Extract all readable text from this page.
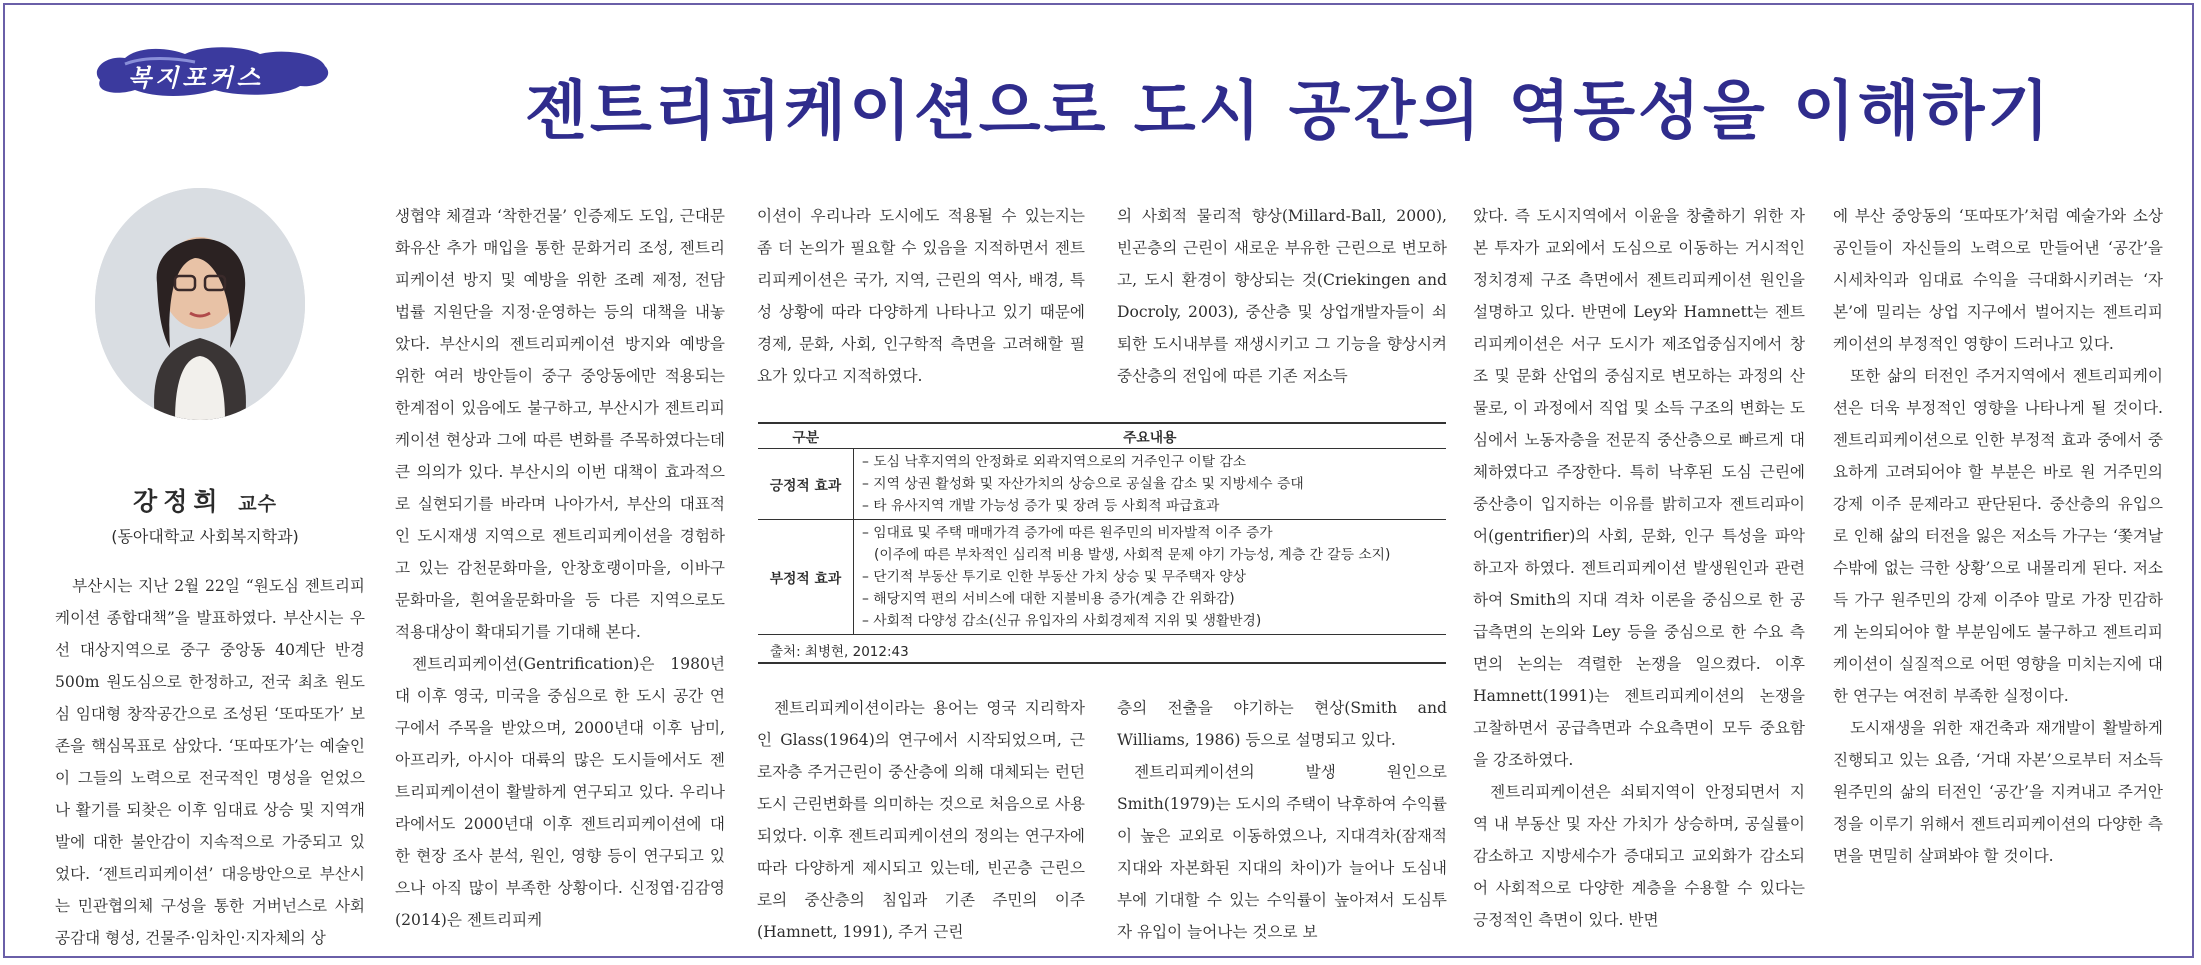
복지포커스	젠트리피케이션으로 도시 공간의 역동성을 이해하기
강정희 교수
(동아대학교 사회복지학과)

부산시는 지난 2월 22일 “원도심 젠트리피케이션 종합대책”을 발표하였다. 부산시는 우선 대상지역으로 중구 중앙동 40계단 반경 500m 원도심으로 한정하고, 전국 최초 원도심 임대형 창작공간으로 조성된 ‘또따또가’ 보존을 핵심목표로 삼았다. ‘또따또가’는 예술인이 그들의 노력으로 전국적인 명성을 얻었으나 활기를 되찾은 이후 임대료 상승 및 지역개발에 대한 불안감이 지속적으로 가중되고 있었다. ‘젠트리피케이션’ 대응방안으로 부산시는 민관협의체 구성을 통한 거버넌스로 사회공감대 형성, 건물주·임차인·지자체의 상

생협약 체결과 ‘착한건물’ 인증제도 도입, 근대문화유산 추가 매입을 통한 문화거리 조성, 젠트리피케이션 방지 및 예방을 위한 조례 제정, 전담 법률 지원단을 지정·운영하는 등의 대책을 내놓았다. 부산시의 젠트리피케이션 방지와 예방을 위한 여러 방안들이 중구 중앙동에만 적용되는 한계점이 있음에도 불구하고, 부산시가 젠트리피케이션 현상과 그에 따른 변화를 주목하였다는데 큰 의의가 있다. 부산시의 이번 대책이 효과적으로 실현되기를 바라며 나아가서, 부산의 대표적인 도시재생 지역으로 젠트리피케이션을 경험하고 있는 감천문화마을, 안창호랭이마을, 이바구문화마을, 흰여울문화마을 등 다른 지역으로도 적용대상이 확대되기를 기대해 본다.

젠트리피케이션(Gentrification)은 1980년대 이후 영국, 미국을 중심으로 한 도시 공간 연구에서 주목을 받았으며, 2000년대 이후 남미, 아프리카, 아시아 대륙의 많은 도시들에서도 젠트리피케이션이 활발하게 연구되고 있다. 우리나라에서도 2000년대 이후 젠트리피케이션에 대한 현장 조사 분석, 원인, 영향 등이 연구되고 있으나 아직 많이 부족한 상황이다. 신정엽·김감영(2014)은 젠트리피케

이션이 우리나라 도시에도 적용될 수 있는지는 좀 더 논의가 필요할 수 있음을 지적하면서 젠트리피케이션은 국가, 지역, 근린의 역사, 배경, 특성 상황에 따라 다양하게 나타나고 있기 때문에 경제, 문화, 사회, 인구학적 측면을 고려해할 필요가 있다고 지적하였다.

구분	주요내용
긍정적 효과	– 도심 낙후지역의 안정화로 외곽지역으로의 거주인구 이탈 감소
– 지역 상권 활성화 및 자산가치의 상승으로 공실율 감소 및 지방세수 증대
– 타 유사지역 개발 가능성 증가 및 장려 등 사회적 파급효과

부정적 효과	– 임대료 및 주택 매매가격 증가에 따른 원주민의 비자발적 이주 증가
(이주에 따른 부차적인 심리적 비용 발생, 사회적 문제 야기 가능성, 계층 간 갈등 소지)
– 단기적 부동산 투기로 인한 부동산 가치 상승 및 무주택자 양상
– 해당지역 편의 서비스에 대한 지불비용 증가(계층 간 위화감)
– 사회적 다양성 감소(신규 유입자의 사회경제적 지위 및 생활반경)
출처: 최병현, 2012:43

젠트리피케이션이라는 용어는 영국 지리학자인 Glass(1964)의 연구에서 시작되었으며, 근로자층 주거근린이 중산층에 의해 대체되는 런던 도시 근린변화를 의미하는 것으로 처음으로 사용되었다. 이후 젠트리피케이션의 정의는 연구자에 따라 다양하게 제시되고 있는데, 빈곤층 근린으로의 중산층의 침입과 기존 주민의 이주(Hamnett, 1991), 주거 근린

의 사회적 물리적 향상(Millard-Ball, 2000), 빈곤층의 근린이 새로운 부유한 근린으로 변모하고, 도시 환경이 향상되는 것(Criekingen and Docroly, 2003), 중산층 및 상업개발자들이 쇠퇴한 도시내부를 재생시키고 그 기능을 향상시켜 중산층의 전입에 따른 기존 저소득

층의 전출을 야기하는 현상(Smith and Williams, 1986) 등으로 설명되고 있다.

젠트리피케이션의 발생 원인으로 Smith(1979)는 도시의 주택이 낙후하여 수익률이 높은 교외로 이동하였으나, 지대격차(잠재적 지대와 자본화된 지대의 차이)가 늘어나 도심내부에 기대할 수 있는 수익률이 높아져서 도심투자 유입이 늘어나는 것으로 보

았다. 즉 도시지역에서 이윤을 창출하기 위한 자본 투자가 교외에서 도심으로 이동하는 거시적인 정치경제 구조 측면에서 젠트리피케이션 원인을 설명하고 있다. 반면에 Ley와 Hamnett는 젠트리피케이션은 서구 도시가 제조업중심지에서 창조 및 문화 산업의 중심지로 변모하는 과정의 산물로, 이 과정에서 직업 및 소득 구조의 변화는 도심에서 노동자층을 전문직 중산층으로 빠르게 대체하였다고 주장한다. 특히 낙후된 도심 근린에 중산층이 입지하는 이유를 밝히고자 젠트리파이어(gentrifier)의 사회, 문화, 인구 특성을 파악하고자 하였다. 젠트리피케이션 발생원인과 관련하여 Smith의 지대 격차 이론을 중심으로 한 공급측면의 논의와 Ley 등을 중심으로 한 수요 측면의 논의는 격렬한 논쟁을 일으켰다. 이후 Hamnett(1991)는 젠트리피케이션의 논쟁을 고찰하면서 공급측면과 수요측면이 모두 중요함을 강조하였다.

젠트리피케이션은 쇠퇴지역이 안정되면서 지역 내 부동산 및 자산 가치가 상승하며, 공실률이 감소하고 지방세수가 증대되고 교외화가 감소되어 사회적으로 다양한 계층을 수용할 수 있다는 긍정적인 측면이 있다. 반면

에 부산 중앙동의 ‘또따또가’처럼 예술가와 소상공인들이 자신들의 노력으로 만들어낸 ‘공간’을 시세차익과 임대료 수익을 극대화시키려는 ‘자본’에 밀리는 상업 지구에서 벌어지는 젠트리피케이션의 부정적인 영향이 드러나고 있다.

또한 삶의 터전인 주거지역에서 젠트리피케이션은 더욱 부정적인 영향을 나타나게 될 것이다. 젠트리피케이션으로 인한 부정적 효과 중에서 중요하게 고려되어야 할 부분은 바로 원 거주민의 강제 이주 문제라고 판단된다. 중산층의 유입으로 인해 삶의 터전을 잃은 저소득 가구는 ‘쫓겨날 수밖에 없는 극한 상황’으로 내몰리게 된다. 저소득 가구 원주민의 강제 이주야 말로 가장 민감하게 논의되어야 할 부분임에도 불구하고 젠트리피케이션이 실질적으로 어떤 영향을 미치는지에 대한 연구는 여전히 부족한 실정이다.

도시재생을 위한 재건축과 재개발이 활발하게 진행되고 있는 요즘, ‘거대 자본’으로부터 저소득 원주민의 삶의 터전인 ‘공간’을 지켜내고 주거안정을 이루기 위해서 젠트리피케이션의 다양한 측면을 면밀히 살펴봐야 할 것이다.
